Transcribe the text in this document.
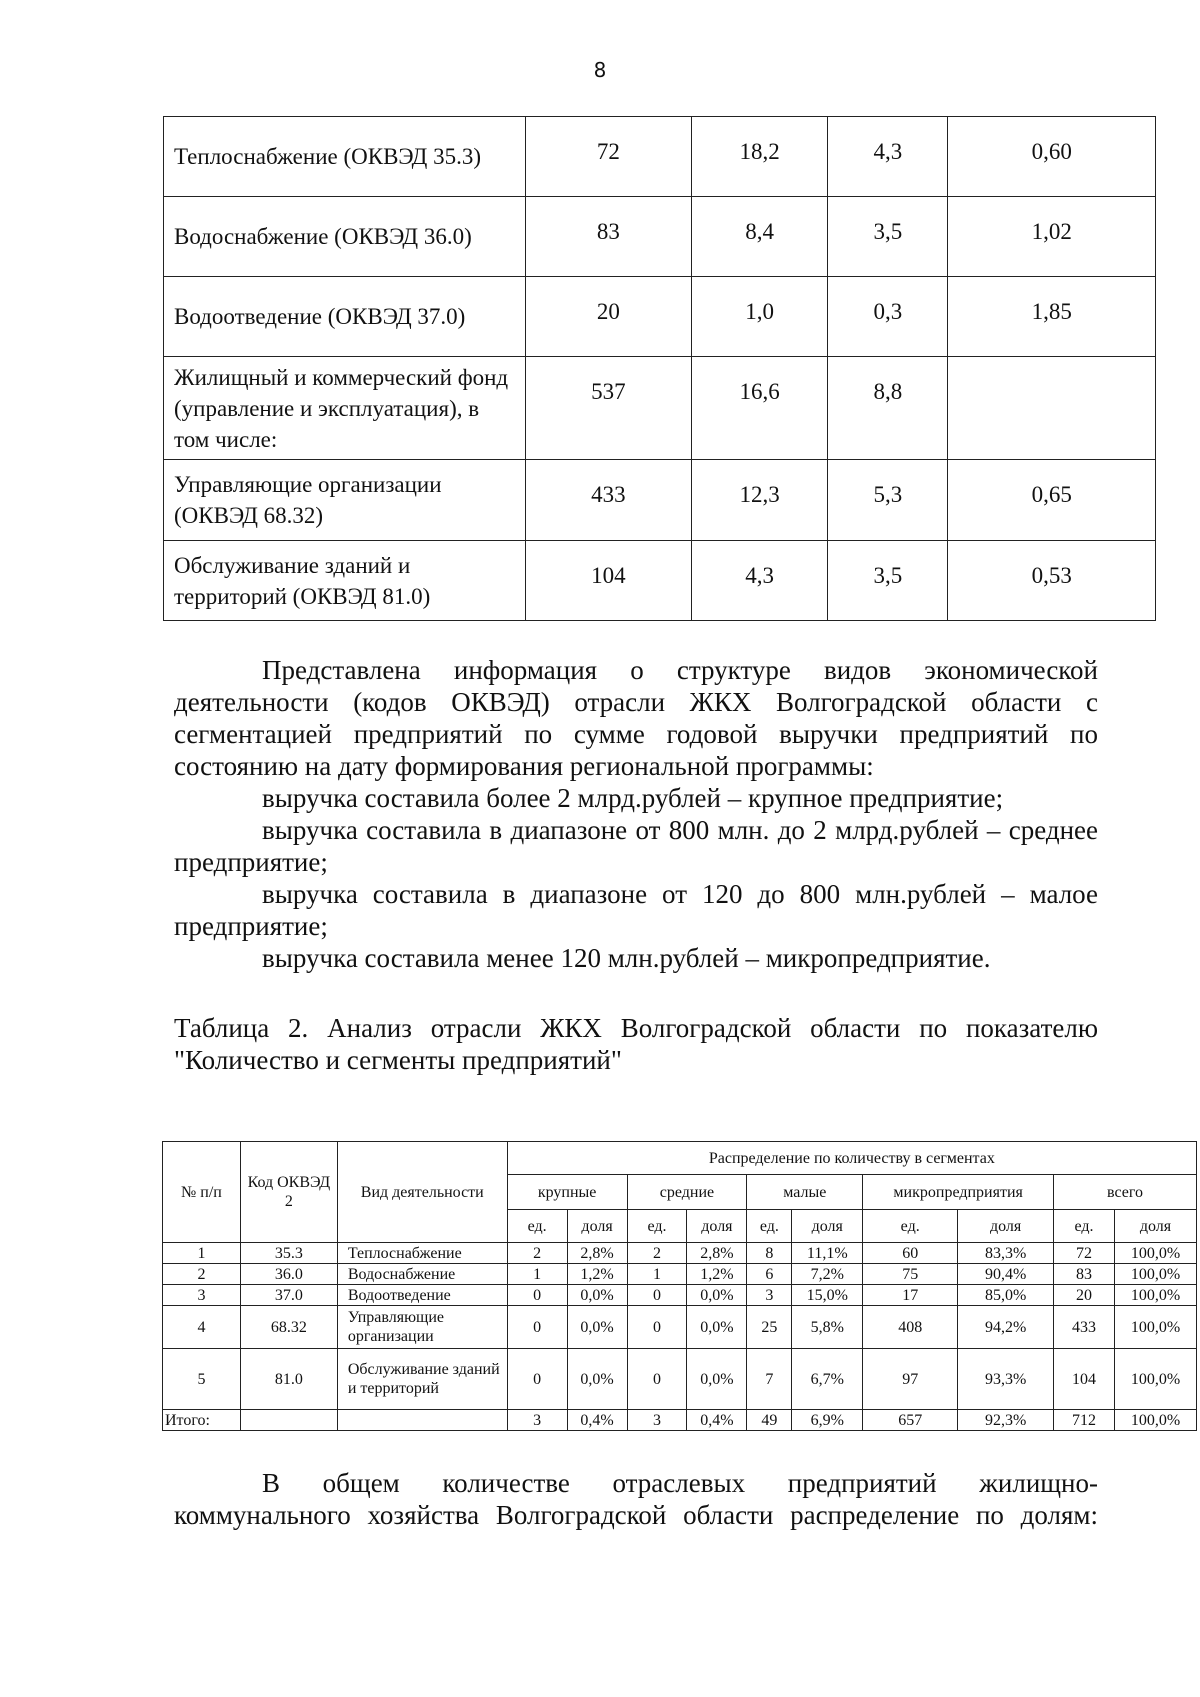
8
Теплоснабжение (ОКВЭД 35.3)	72	18,2	4,3	0,60
Водоснабжение (ОКВЭД 36.0)	83	8,4	3,5	1,02
Водоотведение (ОКВЭД 37.0)	20	1,0	0,3	1,85
Жилищный и коммерческий фонд (управление и эксплуатация), в том числе:	537	16,6	8,8	
Управляющие организации (ОКВЭД 68.32)	433	12,3	5,3	0,65
Обслуживание зданий и территорий (ОКВЭД 81.0)	104	4,3	3,5	0,53
Представлена информация о структуре видов экономической
деятельности (кодов ОКВЭД) отрасли ЖКХ Волгоградской области с
сегментацией предприятий по сумме годовой выручки предприятий по
состоянию на дату формирования региональной программы:
выручка составила более 2 млрд.рублей – крупное предприятие;
выручка составила в диапазоне от 800 млн. до 2 млрд.рублей – среднее предприятие;
выручка составила в диапазоне от 120 до 800 млн.рублей – малое предприятие;
выручка составила менее 120 млн.рублей – микропредприятие.
Таблица 2. Анализ отрасли ЖКХ Волгоградской области по показателю
"Количество и сегменты предприятий"
№ п/п	Код ОКВЭД 2	Вид деятельности	Распределение по количеству в сегментах									
			крупные		средние		малые		микропредприятия		всего	
			ед.	доля	ед.	доля	ед.	доля	ед.	доля	ед.	доля
1	35.3	Теплоснабжение	2	2,8%	2	2,8%	8	11,1%	60	83,3%	72	100,0%
2	36.0	Водоснабжение	1	1,2%	1	1,2%	6	7,2%	75	90,4%	83	100,0%
3	37.0	Водоотведение	0	0,0%	0	0,0%	3	15,0%	17	85,0%	20	100,0%
4	68.32	Управляющие организации	0	0,0%	0	0,0%	25	5,8%	408	94,2%	433	100,0%
5	81.0	Обслуживание зданий и территорий	0	0,0%	0	0,0%	7	6,7%	97	93,3%	104	100,0%
Итого:			3	0,4%	3	0,4%	49	6,9%	657	92,3%	712	100,0%
В общем количестве отраслевых предприятий жилищно-
коммунального хозяйства Волгоградской области распределение по долям:
